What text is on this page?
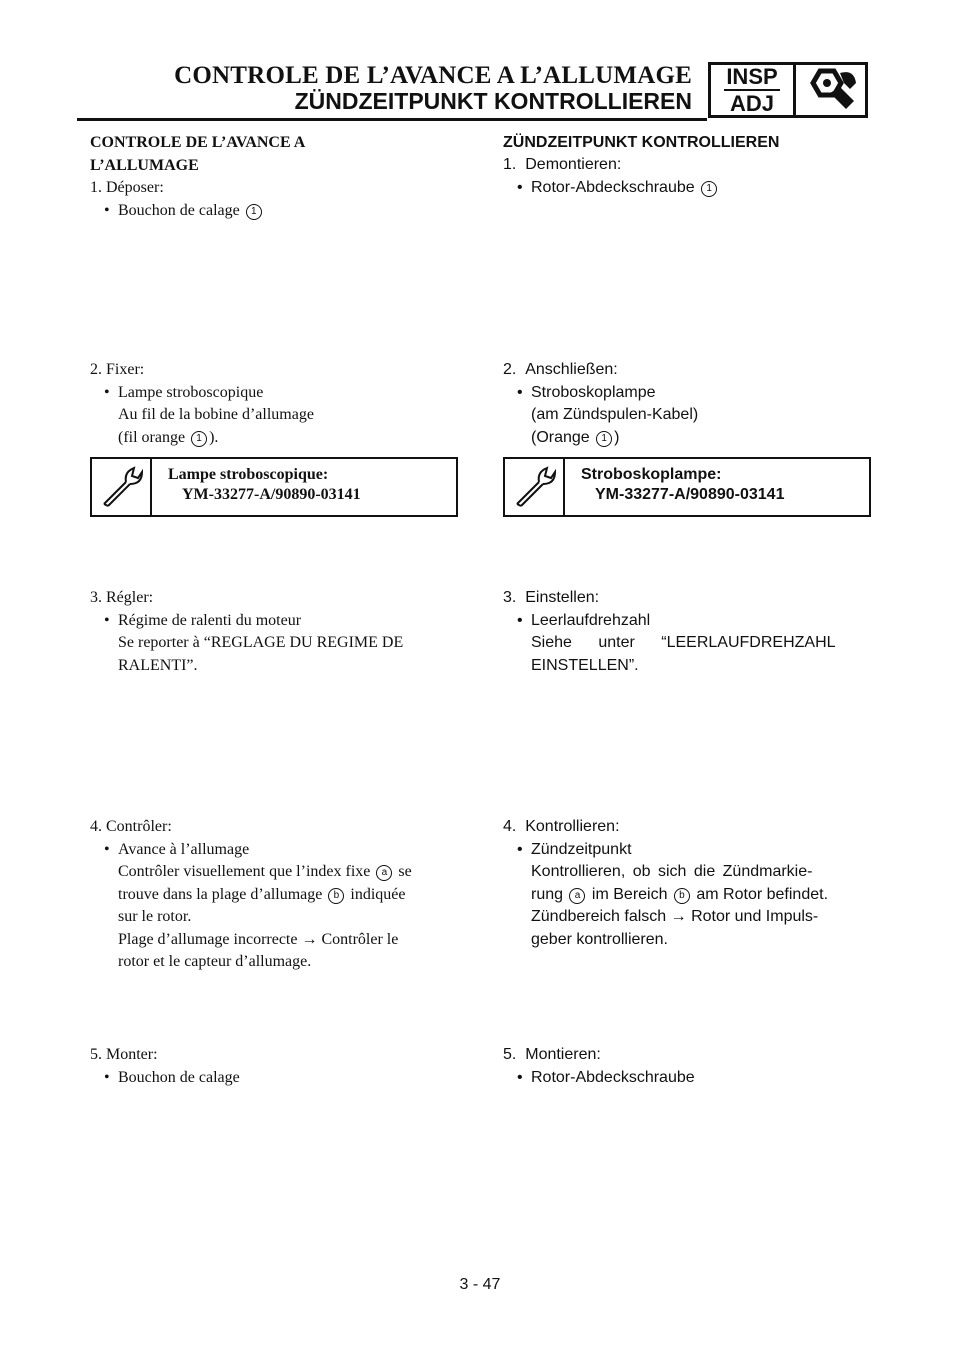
CONTROLE DE L’AVANCE A L’ALLUMAGE
ZÜNDZEITPUNKT KONTROLLIEREN
INSP
ADJ
CONTROLE DE L’AVANCE A
L’ALLUMAGE
1. Déposer:
• Bouchon de calage 1
2. Fixer:
• Lampe stroboscopique
Au fil de la bobine d’allumage
(fil orange 1 ).
Lampe stroboscopique:
YM-33277-A/90890-03141
3. Régler:
• Régime de ralenti du moteur
Se reporter à “REGLAGE DU REGIME DE
RALENTI”.
4. Contrôler:
• Avance à l’allumage
Contrôler visuellement que l’index fixe a se
trouve dans la plage d’allumage b indiquée
sur le rotor.
Plage d’allumage incorrecte → Contrôler le
rotor et le capteur d’allumage.
5. Monter:
• Bouchon de calage
ZÜNDZEITPUNKT KONTROLLIEREN
1. Demontieren:
• Rotor-Abdeckschraube 1
2. Anschließen:
• Stroboskoplampe
(am Zündspulen-Kabel)
(Orange 1 )
Stroboskoplampe:
YM-33277-A/90890-03141
3. Einstellen:
• Leerlaufdrehzahl
Siehe unter “LEERLAUFDREHZAHL
EINSTELLEN”.
4. Kontrollieren:
• Zündzeitpunkt
Kontrollieren, ob sich die Zündmarkie-
rung a im Bereich b am Rotor befindet.
Zündbereich falsch → Rotor und Impuls-
geber kontrollieren.
5. Montieren:
• Rotor-Abdeckschraube
3 - 47
